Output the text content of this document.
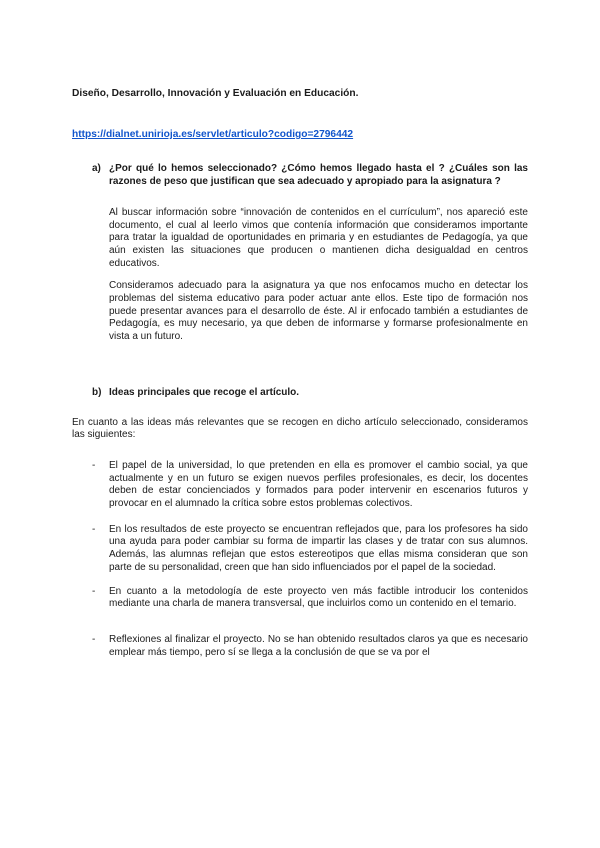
Diseño, Desarrollo, Innovación y Evaluación en Educación.
https://dialnet.unirioja.es/servlet/articulo?codigo=2796442
a) ¿Por qué lo hemos seleccionado? ¿Cómo hemos llegado hasta el ? ¿Cuáles son las razones de peso que justifican que sea adecuado y apropiado para la asignatura ?
Al buscar información sobre “innovación de contenidos en el currículum”, nos apareció este documento, el cual al leerlo vimos que contenía información que consideramos importante para tratar la igualdad de oportunidades en primaria y en estudiantes de Pedagogía, ya que aún existen las situaciones que producen o mantienen dicha desigualdad en centros educativos.
Consideramos adecuado para la asignatura ya que nos enfocamos mucho en detectar los problemas del sistema educativo para poder actuar ante ellos. Este tipo de formación nos puede presentar avances para el desarrollo de éste. Al ir enfocado también a estudiantes de Pedagogía, es muy necesario, ya que deben de informarse y formarse profesionalmente en vista a un futuro.
b) Ideas principales que recoge el artículo.
En cuanto a las ideas más relevantes que se recogen en dicho artículo seleccionado, consideramos las siguientes:
-	El papel de la universidad, lo que pretenden en ella es promover el cambio social, ya que actualmente y en un futuro se exigen nuevos perfiles profesionales, es decir, los docentes deben de estar concienciados y formados para poder intervenir en escenarios futuros y provocar en el alumnado la crítica sobre estos problemas colectivos.
-	En los resultados de este proyecto se encuentran reflejados que, para los profesores ha sido una ayuda para poder cambiar su forma de impartir las clases y de tratar con sus alumnos. Además, las alumnas reflejan que estos estereotipos que ellas misma consideran que son parte de su personalidad, creen que han sido influenciados por el papel de la sociedad.
-	En cuanto a la metodología de este proyecto ven más factible introducir los contenidos mediante una charla de manera transversal, que incluirlos como un contenido en el temario.
-	Reflexiones al finalizar el proyecto. No se han obtenido resultados claros ya que es necesario emplear más tiempo, pero sí se llega a la conclusión de que se va por el
